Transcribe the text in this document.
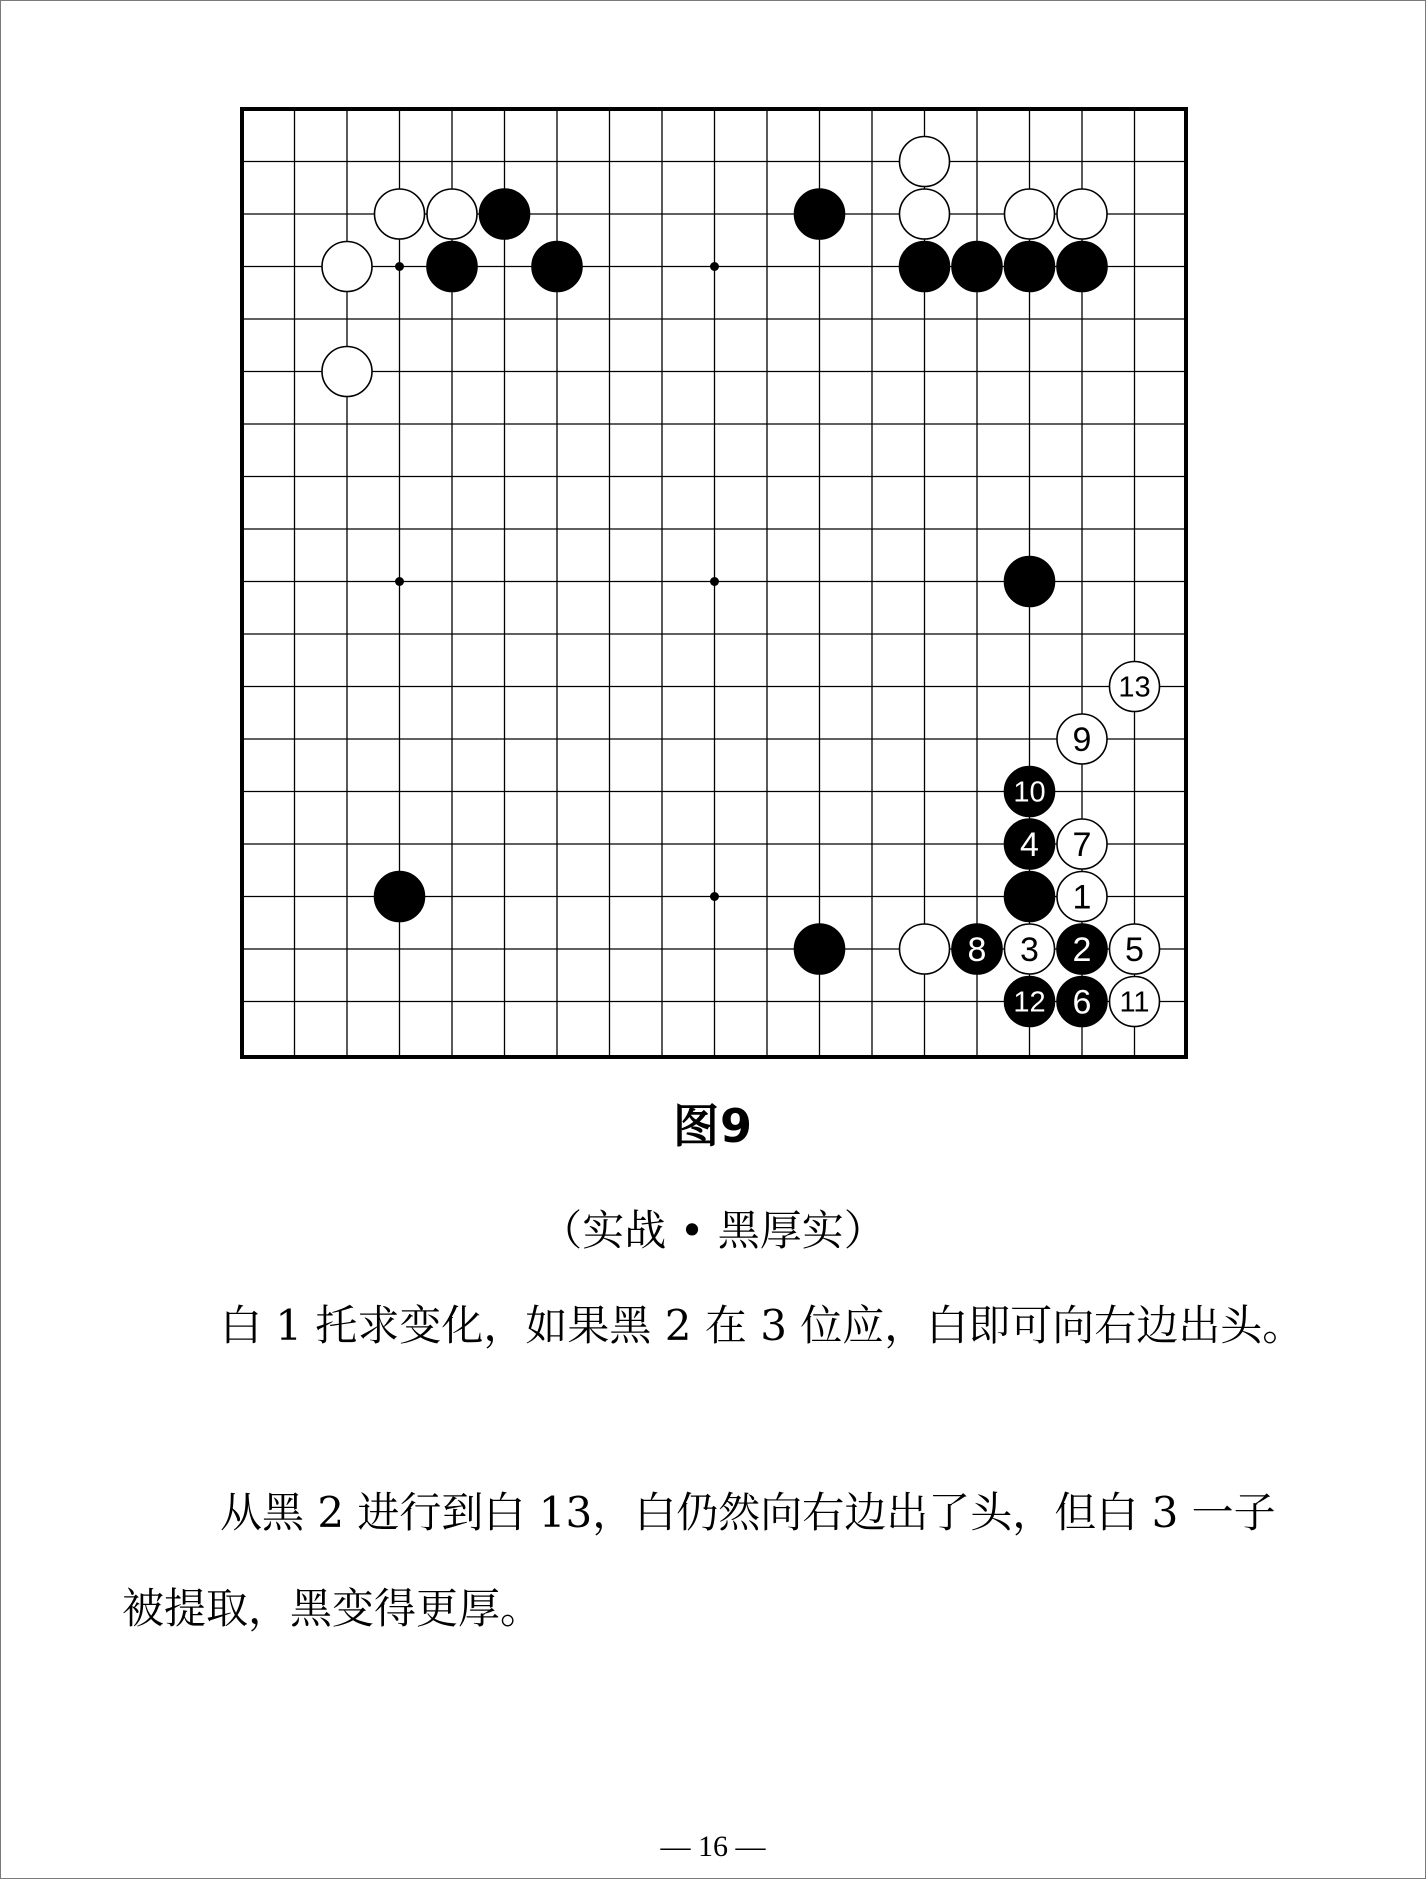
1
2
3
4
5
6
7
8
9
10
11
12
13
图9
（实战 • 黑厚实）

白 1 托求变化，如果黑 2 在 3 位应，白即可向右边出头。

从黑 2 进行到白 13，白仍然向右边出了头，但白 3 一子被提取，黑变得更厚。

— 16 —
